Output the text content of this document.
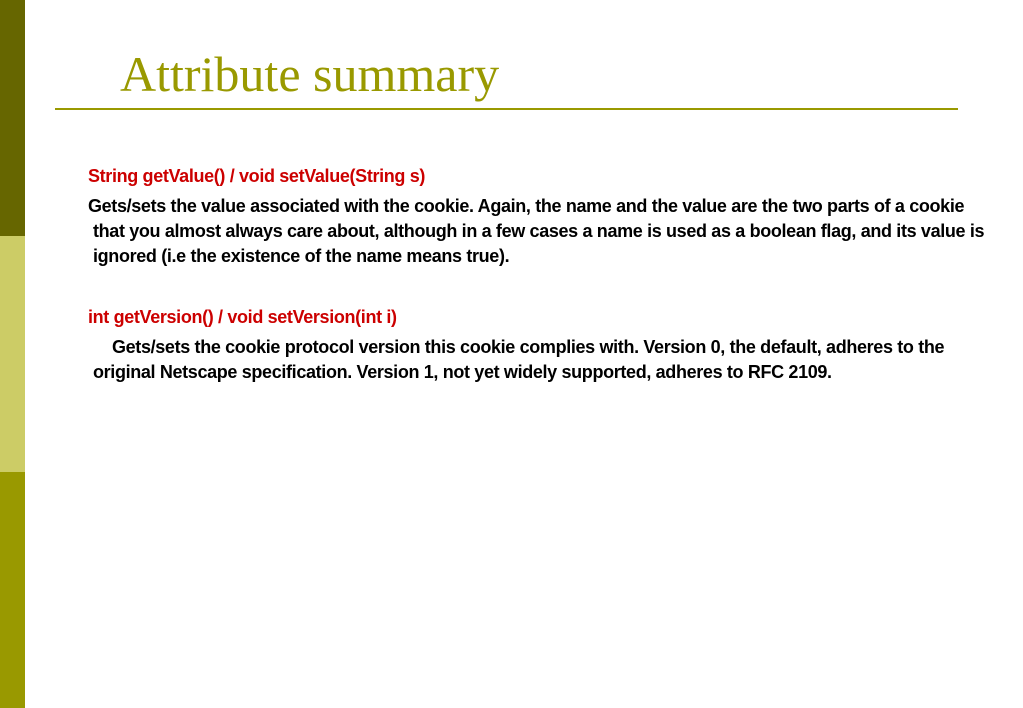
Attribute summary

String getValue() / void setValue(String s)

Gets/sets the value associated with the cookie. Again, the name and the value are the two parts of a cookie that you almost always care about, although in a few cases a name is used as a boolean flag, and its value is ignored (i.e the existence of the name means true).

int getVersion() / void setVersion(int i)

Gets/sets the cookie protocol version this cookie complies with. Version 0, the default, adheres to the original Netscape specification. Version 1, not yet widely supported, adheres to RFC 2109.
